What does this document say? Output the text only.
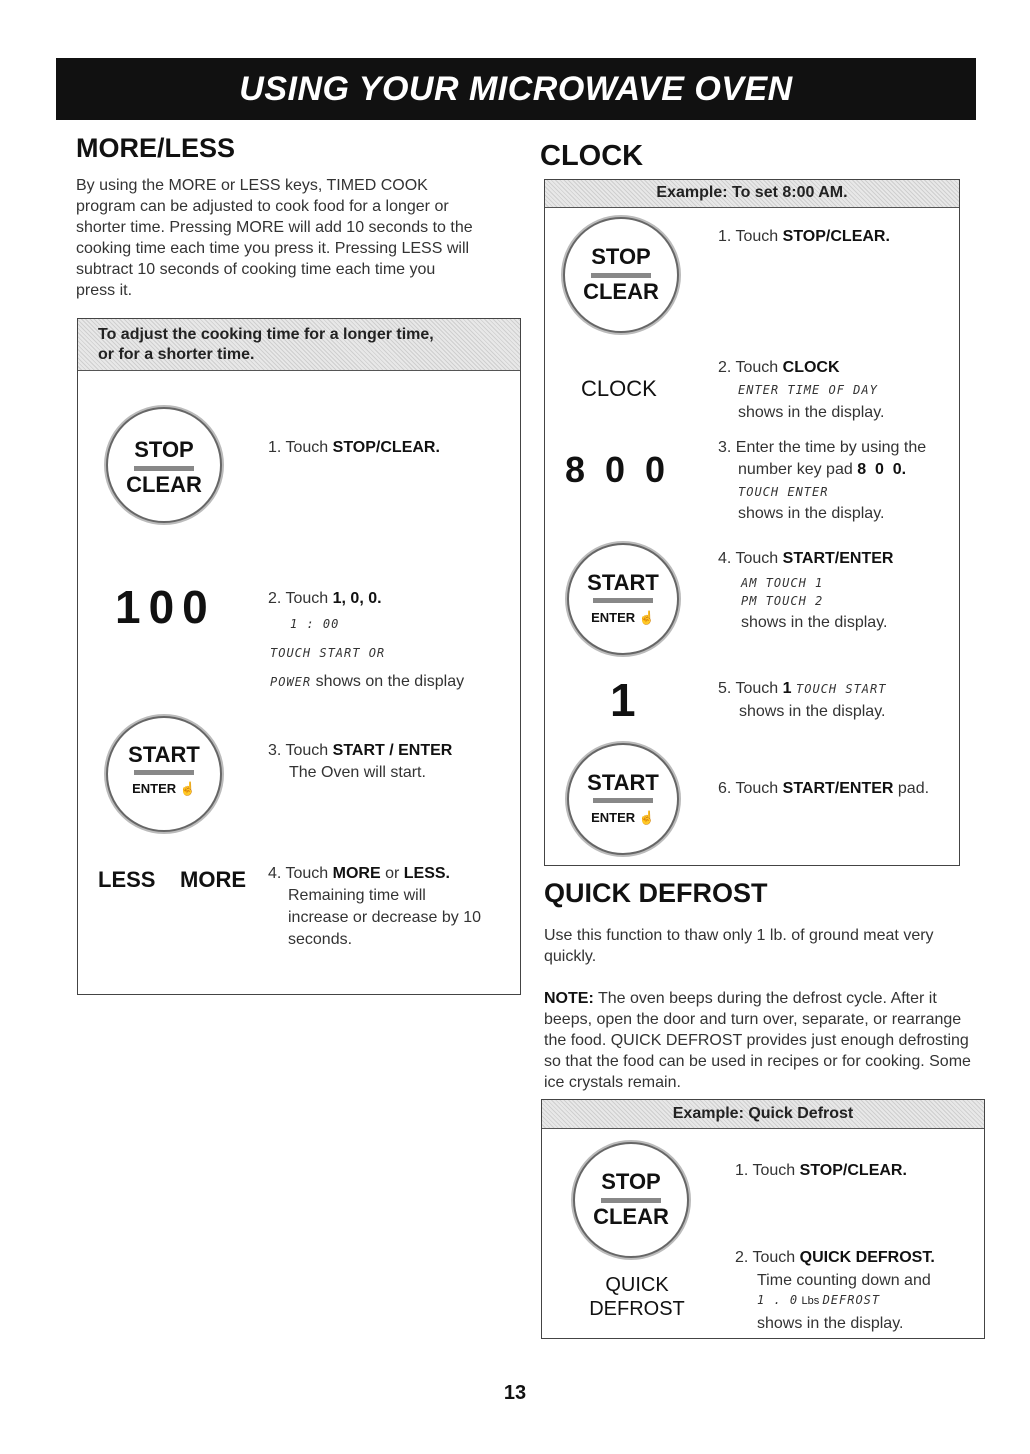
USING YOUR MICROWAVE OVEN
MORE/LESS
By using the MORE or LESS keys, TIMED COOK program can be adjusted to cook food for a longer or shorter time. Pressing MORE will add 10 seconds to the cooking time each time you press it. Pressing LESS will subtract 10 seconds of cooking time each time you press it.
To adjust the cooking time for a longer time,
or for a shorter time.
STOP
CLEAR
1. Touch STOP/CLEAR.
100	2. Touch 1, 0, 0.
1 : 00
TOUCH START OR
POWER shows on the display
START
ENTER ☝
3. Touch START / ENTER
The Oven will start.
LESS MORE 4. Touch MORE or LESS.
Remaining time will
increase or decrease by 10
seconds.
CLOCK
Example: To set 8:00 AM.
STOP
CLEAR
1. Touch STOP/CLEAR.
CLOCK
2. Touch CLOCK
ENTER TIME OF DAY
shows in the display.
8  0  0
3. Enter the time by using the
number key pad 8  0  0.
TOUCH ENTER
shows in the display.
START
ENTER ☝
4. Touch START/ENTER
AM TOUCH 1
PM TOUCH 2
shows in the display.
1	5. Touch 1 TOUCH START
shows in the display.
START
ENTER ☝
6. Touch START/ENTER pad.
QUICK DEFROST
Use this function to thaw only 1 lb. of ground meat very quickly.
NOTE: The oven beeps during the defrost cycle. After it beeps, open the door and turn over, separate, or rearrange the food. QUICK DEFROST provides just enough defrosting so that the food can be used in recipes or for cooking. Some ice crystals remain.
Example: Quick Defrost
STOP
CLEAR
1. Touch STOP/CLEAR.
QUICK
DEFROST
2. Touch QUICK DEFROST.
Time counting down and
1 . 0 Lbs DEFROST
shows in the display.
13
